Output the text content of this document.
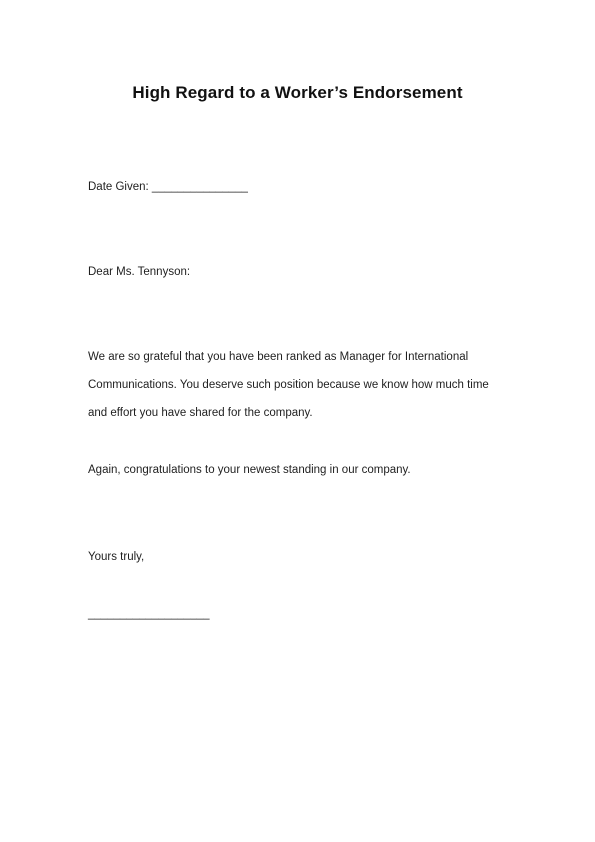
High Regard to a Worker’s Endorsement

Date Given: _______________

Dear Ms. Tennyson:

We are so grateful that you have been ranked as Manager for International

Communications. You deserve such position because we know how much time

and effort you have shared for the company.

Again, congratulations to your newest standing in our company.

Yours truly,

___________________
